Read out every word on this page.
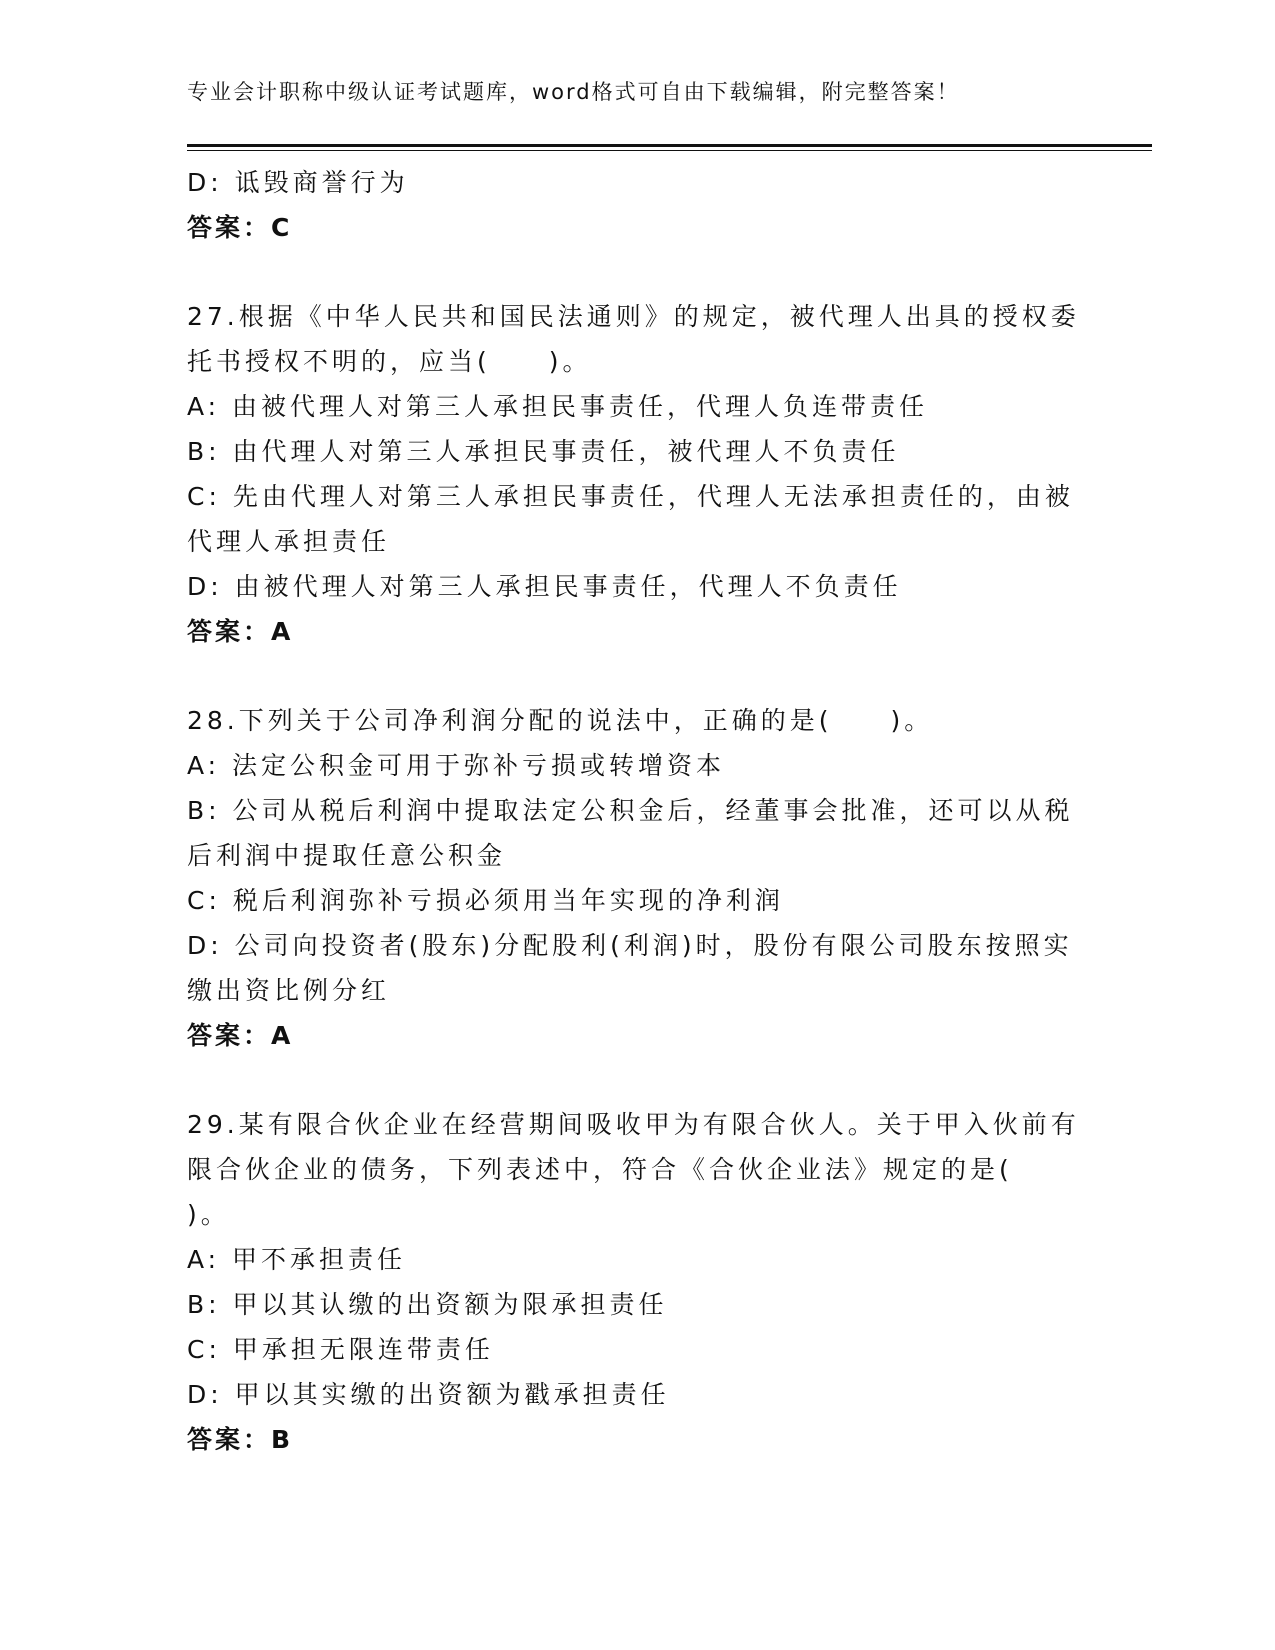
专业会计职称中级认证考试题库，word格式可自由下载编辑，附完整答案！
D: 诋毁商誉行为
答案：C
27.根据《中华人民共和国民法通则》的规定，被代理人出具的授权委
托书授权不明的，应当(　　)。
A: 由被代理人对第三人承担民事责任，代理人负连带责任
B: 由代理人对第三人承担民事责任，被代理人不负责任
C: 先由代理人对第三人承担民事责任，代理人无法承担责任的，由被
代理人承担责任
D: 由被代理人对第三人承担民事责任，代理人不负责任
答案：A
28.下列关于公司净利润分配的说法中，正确的是(　　)。
A: 法定公积金可用于弥补亏损或转增资本
B: 公司从税后利润中提取法定公积金后，经董事会批准，还可以从税
后利润中提取任意公积金
C: 税后利润弥补亏损必须用当年实现的净利润
D: 公司向投资者(股东)分配股利(利润)时，股份有限公司股东按照实
缴出资比例分红
答案：A
29.某有限合伙企业在经营期间吸收甲为有限合伙人。关于甲入伙前有
限合伙企业的债务，下列表述中，符合《合伙企业法》规定的是(
)。
A: 甲不承担责任
B: 甲以其认缴的出资额为限承担责任
C: 甲承担无限连带责任
D: 甲以其实缴的出资额为戳承担责任
答案：B
